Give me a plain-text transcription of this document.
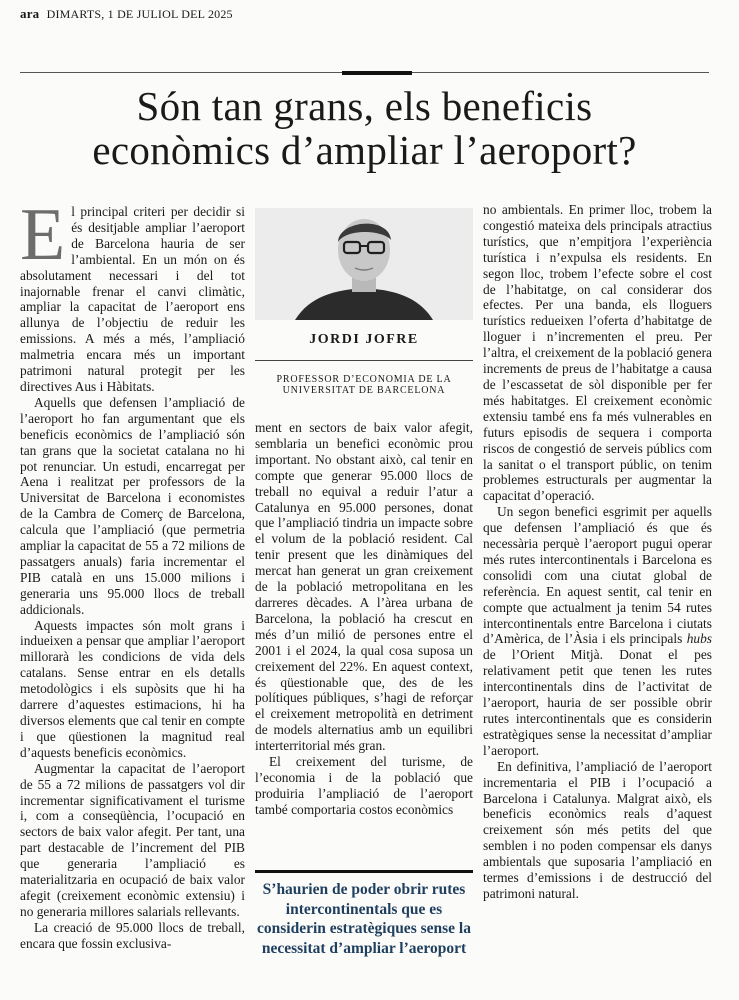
ara DIMARTS, 1 DE JULIOL DEL 2025
Són tan grans, els beneficis
econòmics d’ampliar l’aeroport?

El principal criteri per decidir si és desitjable ampliar l’aeroport de Barcelona hauria de ser l’ambiental. En un món on és absolutament necessari i del tot inajornable frenar el canvi climàtic, ampliar la capacitat de l’aeroport ens allunya de l’objectiu de reduir les emissions. A més a més, l’ampliació malmetria encara més un important patrimoni natural protegit per les directives Aus i Hàbitats.

Aquells que defensen l’ampliació de l’aeroport ho fan argumentant que els beneficis econòmics de l’ampliació són tan grans que la societat catalana no hi pot renunciar. Un estudi, encarregat per Aena i realitzat per professors de la Universitat de Barcelona i economistes de la Cambra de Comerç de Barcelona, calcula que l’ampliació (que permetria ampliar la capacitat de 55 a 72 milions de passatgers anuals) faria incrementar el PIB català en uns 15.000 milions i generaria uns 95.000 llocs de treball addicionals.

Aquests impactes són molt grans i indueixen a pensar que ampliar l’aeroport millorarà les condicions de vida dels catalans. Sense entrar en els detalls metodològics i els supòsits que hi ha darrere d’aquestes estimacions, hi ha diversos elements que cal tenir en compte i que qüestionen la magnitud real d’aquests beneficis econòmics.

Augmentar la capacitat de l’aeroport de 55 a 72 milions de passatgers vol dir incrementar significativament el turisme i, com a conseqüència, l’ocupació en sectors de baix valor afegit. Per tant, una part destacable de l’increment del PIB que generaria l’ampliació es materialitzaria en ocupació de baix valor afegit (creixement econòmic extensiu) i no generaria millores salarials rellevants.

La creació de 95.000 llocs de treball, encara que fossin exclusiva-

JORDI JOFRE
PROFESSOR D’ECONOMIA DE LA
UNIVERSITAT DE BARCELONA

ment en sectors de baix valor afegit, semblaria un benefici econòmic prou important. No obstant això, cal tenir en compte que generar 95.000 llocs de treball no equival a reduir l’atur a Catalunya en 95.000 persones, donat que l’ampliació tindria un impacte sobre el volum de la població resident. Cal tenir present que les dinàmiques del mercat han generat un gran creixement de la població metropolitana en les darreres dècades. A l’àrea urbana de Barcelona, la població ha crescut en més d’un milió de persones entre el 2001 i el 2024, la qual cosa suposa un creixement del 22%. En aquest context, és qüestionable que, des de les polítiques públiques, s’hagi de reforçar el creixement metropolità en detriment de models alternatius amb un equilibri interterritorial més gran.

El creixement del turisme, de l’economia i de la població que produiria l’ampliació de l’aeroport també comportaria costos econòmics

S’haurien de poder obrir rutes intercontinentals que es considerin estratègiques sense la necessitat d’ampliar l’aeroport

no ambientals. En primer lloc, trobem la congestió mateixa dels principals atractius turístics, que n’empitjora l’experiència turística i n’expulsa els residents. En segon lloc, trobem l’efecte sobre el cost de l’habitatge, on cal considerar dos efectes. Per una banda, els lloguers turístics redueixen l’oferta d’habitatge de lloguer i n’incrementen el preu. Per l’altra, el creixement de la població genera increments de preus de l’habitatge a causa de l’escassetat de sòl disponible per fer més habitatges. El creixement econòmic extensiu també ens fa més vulnerables en futurs episodis de sequera i comporta riscos de congestió de serveis públics com la sanitat o el transport públic, on tenim problemes estructurals per augmentar la capacitat d’operació.

Un segon benefici esgrimit per aquells que defensen l’ampliació és que és necessària perquè l’aeroport pugui operar més rutes intercontinentals i Barcelona es consolidi com una ciutat global de referència. En aquest sentit, cal tenir en compte que actualment ja tenim 54 rutes intercontinentals entre Barcelona i ciutats d’Amèrica, de l’Àsia i els principals hubs de l’Orient Mitjà. Donat el pes relativament petit que tenen les rutes intercontinentals dins de l’activitat de l’aeroport, hauria de ser possible obrir rutes intercontinentals que es considerin estratègiques sense la necessitat d’ampliar l’aeroport.

En definitiva, l’ampliació de l’aeroport incrementaria el PIB i l’ocupació a Barcelona i Catalunya. Malgrat això, els beneficis econòmics reals d’aquest creixement són més petits del que semblen i no poden compensar els danys ambientals que suposaria l’ampliació en termes d’emissions i de destrucció del patrimoni natural.
